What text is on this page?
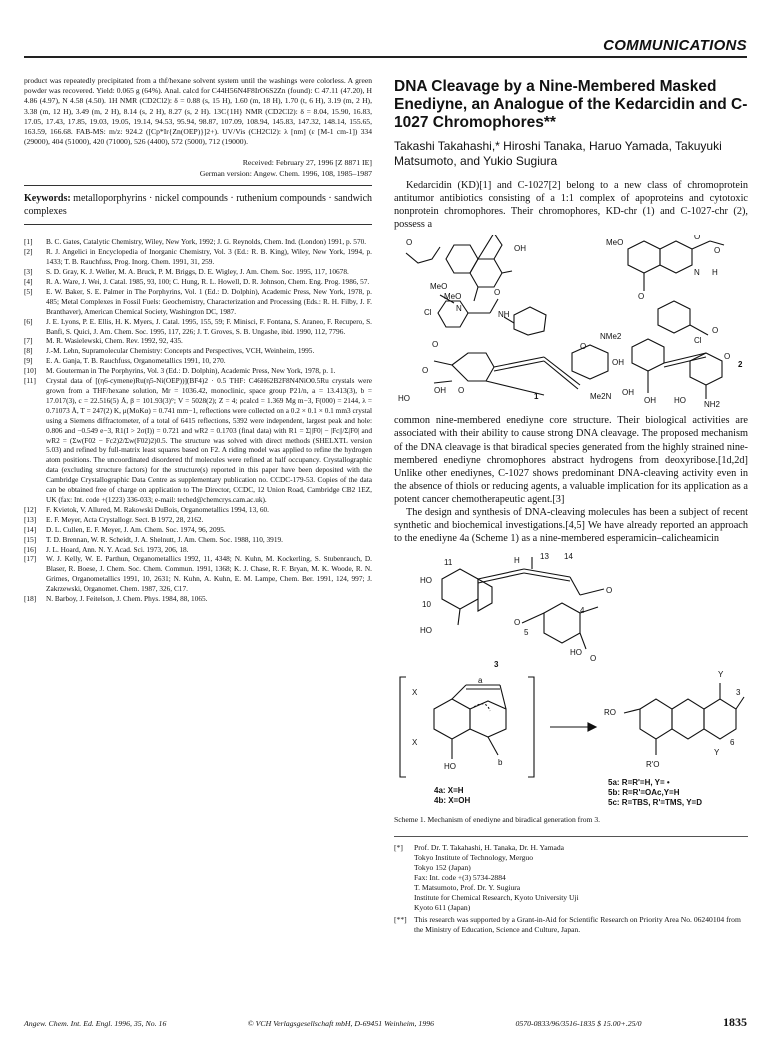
COMMUNICATIONS

product was repeatedly precipitated from a thf/hexane solvent system until the washings were colorless. A green powder was recovered. Yield: 0.065 g (64%). Anal. calcd for C44H56N4F8IrO6S2Zn (found): C 47.11 (47.20), H 4.86 (4.97), N 4.58 (4.50). 1H NMR (CD2Cl2): δ = 0.88 (s, 15 H), 1.60 (m, 18 H), 1.70 (t, 6 H), 3.19 (m, 2 H), 3.38 (m, 12 H), 3.49 (m, 2 H), 8.14 (s, 2 H), 8.27 (s, 2 H). 13C{1H} NMR (CD2Cl2): δ = 8.04, 15.90, 16.83, 17.05, 17.43, 17.85, 19.03, 19.05, 19.14, 94.53, 95.94, 98.87, 107.09, 108.94, 145.83, 147.32, 148.14, 155.65, 163.59, 166.68. FAB-MS: m/z: 924.2 ([Cp*Ir{Zn(OEP)}]2+). UV/Vis (CH2Cl2): λ [nm] (ε [M-1 cm-1]) 334 (29000), 404 (51000), 420 (71000), 526 (4400), 572 (5000), 712 (19000).

Received: February 27, 1996 [Z 8871 IE]
German version: Angew. Chem. 1996, 108, 1985–1987
Keywords: metalloporphyrins · nickel compounds · ruthenium compounds · sandwich complexes
[1]	B. C. Gates, Catalytic Chemistry, Wiley, New York, 1992; J. G. Reynolds, Chem. Ind. (London) 1991, p. 570.
[2]	R. J. Angelici in Encyclopedia of Inorganic Chemistry, Vol. 3 (Ed.: R. B. King), Wiley, New York, 1994, p. 1433; T. B. Rauchfuss, Prog. Inorg. Chem. 1991, 31, 259.
[3]	S. D. Gray, K. J. Weller, M. A. Bruck, P. M. Briggs, D. E. Wigley, J. Am. Chem. Soc. 1995, 117, 10678.
[4]	R. A. Ware, J. Wei, J. Catal. 1985, 93, 100; C. Hung, R. L. Howell, D. R. Johnson, Chem. Eng. Prog. 1986, 57.
[5]	E. W. Baker, S. E. Palmer in The Porphyrins, Vol. 1 (Ed.: D. Dolphin), Academic Press, New York, 1978, p. 485; Metal Complexes in Fossil Fuels: Geochemistry, Characterization and Processing (Eds.: R. H. Filby, J. F. Branthaver), American Chemical Society, Washington DC, 1987.
[6]	J. E. Lyons, P. E. Ellis, H. K. Myers, J. Catal. 1995, 155, 59; F. Minisci, F. Fontana, S. Araneo, F. Recupero, S. Banfi, S. Quici, J. Am. Chem. Soc. 1995, 117, 226; J. T. Groves, S. B. Ungashe, ibid. 1990, 112, 7796.
[7]	M. R. Wasielewski, Chem. Rev. 1992, 92, 435.
[8]	J.-M. Lehn, Supramolecular Chemistry: Concepts and Perspectives, VCH, Weinheim, 1995.
[9]	E. A. Ganja, T. B. Rauchfuss, Organometallics 1991, 10, 270.
[10]	M. Gouterman in The Porphyrins, Vol. 3 (Ed.: D. Dolphin), Academic Press, New York, 1978, p. 1.
[11]	Crystal data of [(η6-cymene)Ru(η5-Ni(OEP))](BF4)2 · 0.5 THF: C46H62B2F8N4NiO0.5Ru crystals were grown from a THF/hexane solution, Mr = 1036.42, monoclinic, space group P21/n, a = 13.413(3), b = 17.017(3), c = 22.516(5) Å, β = 101.93(3)°; V = 5028(2); Z = 4; ρcalcd = 1.369 Mg m−3, F(000) = 2144, λ = 0.71073 Å, T = 247(2) K, μ(MoKα) = 0.741 mm−1, reflections were collected on a 0.2 × 0.1 × 0.1 mm3 crystal using a Siemens diffractometer, of a total of 6415 reflections, 5392 were independent, largest peak and hole: 0.806 and −0.549 e−3, R1(I > 2σ(I)) = 0.721 and wR2 = 0.1703 (final data) with R1 = Σ||F0| − |Fc||/Σ|F0| and wR2 = (Σw(F02 − Fc2)2/Σw(F02)2)0.5. The structure was solved with direct methods (SHELXTL version 5.03) and refined by full-matrix least squares based on F2. A riding model was applied to refine the hydrogen atom positions. The uncoordinated disordered thf molecules were refined at half occupancy. Crystallographic data (excluding structure factors) for the structure(s) reported in this paper have been deposited with the Cambridge Crystallographic Data Centre as supplementary publication no. CCDC-179-53. Copies of the data can be obtained free of charge on application to The Director, CCDC, 12 Union Road, Cambridge CB2 1EZ, UK (fax: Int. code +(1223) 336-033; e-mail: teched@chemcrys.cam.ac.uk).
[12]	F. Kvietok, V. Allured, M. Rakowski DuBois, Organometallics 1994, 13, 60.
[13]	E. F. Meyer, Acta Crystallogr. Sect. B 1972, 28, 2162.
[14]	D. L. Cullen, E. F. Meyer, J. Am. Chem. Soc. 1974, 96, 2095.
[15]	T. D. Brennan, W. R. Scheidt, J. A. Shelnutt, J. Am. Chem. Soc. 1988, 110, 3919.
[16]	J. L. Hoard, Ann. N. Y. Acad. Sci. 1973, 206, 18.
[17]	W. J. Kelly, W. E. Parthun, Organometallics 1992, 11, 4348; N. Kuhn, M. Kockerling, S. Stubenrauch, D. Blaser, R. Boese, J. Chem. Soc. Chem. Commun. 1991, 1368; K. J. Chase, R. F. Bryan, M. K. Woode, R. N. Grimes, Organometallics 1991, 10, 2631; N. Kuhn, A. Kuhn, E. M. Lampe, Chem. Ber. 1991, 124, 997; J. Zakrzewski, Organomet. Chem. 1987, 326, C17.
[18]	N. Barboy, J. Feitelson, J. Chem. Phys. 1984, 88, 1065.
DNA Cleavage by a Nine-Membered Masked Enediyne, an Analogue of the Kedarcidin and C-1027 Chromophores**
Takashi Takahashi,* Hiroshi Tanaka, Haruo Yamada, Takuyuki Matsumoto, and Yukio Sugiura

Kedarcidin (KD)[1] and C-1027[2] belong to a new class of chromoprotein antitumor antibiotics consisting of a 1:1 complex of apoproteins and cytotoxic nonprotein chromophores. Their chromophores, KD-chr (1) and C-1027-chr (2), possess a

O
OH
MeO
MeO
Cl	N
NH
O
O
O
OH O
HO	1
NMe2
OH
O
MeO
O
N H
O
O
Cl
O
O
Me2N OH
OH HO NH2
2

common nine-membered enediyne core structure. Their biological activities are associated with their ability to cause strong DNA cleavage. The proposed mechanism of the DNA cleavage is that biradical species generated from the highly strained nine-membered enediyne chromophores abstract hydrogens from deoxyribose.[1d,2d] Unlike other enediynes, C-1027 shows predominant DNA-cleaving activity even in the absence of thiols or reducing agents, a valuable implication for its application as a potent cancer chemotherapeutic agent.[3]

The design and synthesis of DNA-cleaving molecules has been a subject of recent synthetic and biochemical investigations.[4,5] We have already reported an approach to the enediyne 4a (Scheme 1) as a nine-membered esperamicin–calicheamicin

HO
11	H	13 14
10
4
O
HO	5
O
HO
O
3
X
a
X
HO	b
Y
3
RO
6
Y
R'O
4a: X=H
4b: X=OH
5a: R=R'=H, Y= •
5b: R=R'=OAc,Y=H
5c: R=TBS, R'=TMS, Y=D
Scheme 1. Mechanism of enediyne and biradical generation from 3.
[*]	Prof. Dr. T. Takahashi, H. Tanaka, Dr. H. Yamada
Tokyo Institute of Technology, Merguo
Tokyo 152 (Japan)
Fax: Int. code +(3) 5734-2884
T. Matsumoto, Prof. Dr. Y. Sugiura
Institute for Chemical Research, Kyoto University Uji
Kyoto 611 (Japan)
[**] This research was supported by a Grant-in-Aid for Scientific Research on Priority Area No. 06240104 from the Ministry of Education, Science and Culture, Japan.
Angew. Chem. Int. Ed. Engl. 1996, 35, No. 16	© VCH Verlagsgesellschaft mbH, D-69451 Weinheim, 1996	0570-0833/96/3516-1835 $ 15.00+.25/0	1835
